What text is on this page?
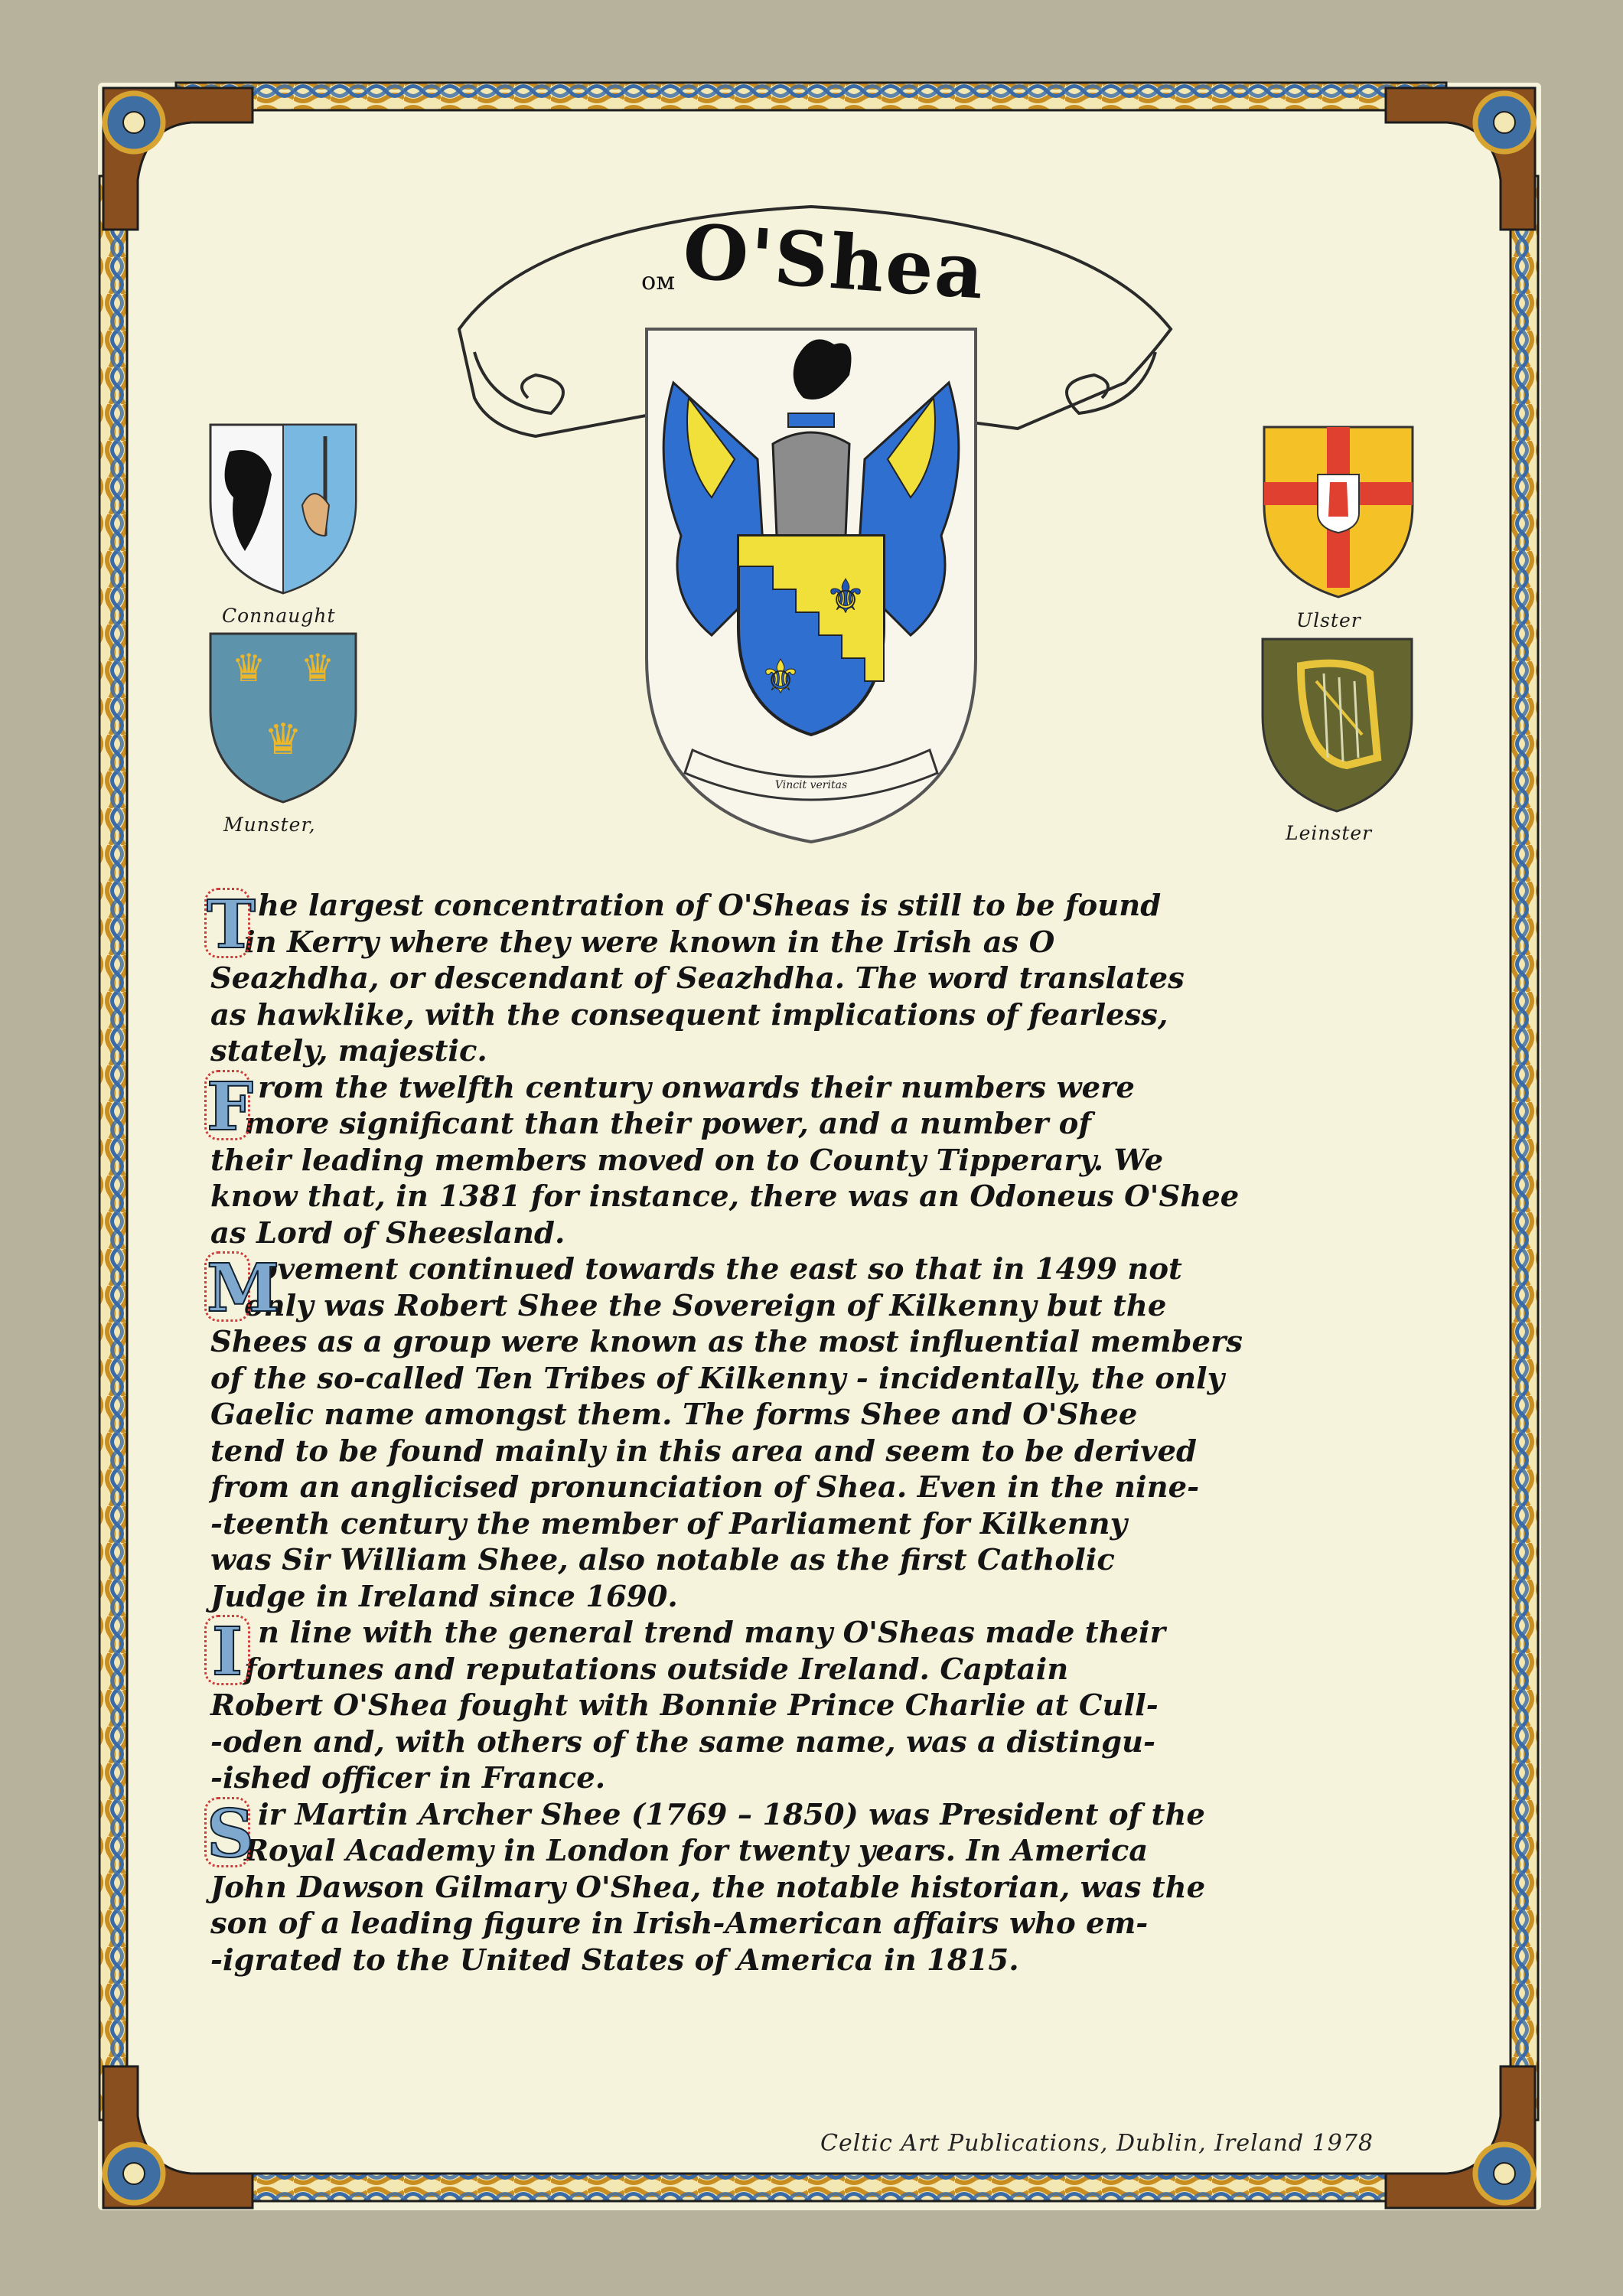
⚜
⚜
Vincit veritas
♛ ♛
♛
O'Shea
ᴏᴍ
Connaught
Munster,
Ulster
Leinster
T he largest concentration of O'Sheas is still to be found
in Kerry where they were known in the Irish as O
Seazhdha, or descendant of Seazhdha. The word translates
as hawklike, with the consequent implications of fearless,
stately, majestic.
F rom the twelfth century onwards their numbers were
more significant than their power, and a number of
their leading members moved on to County Tipperary. We
know that, in 1381 for instance, there was an Odoneus O'Shee
as Lord of Sheesland.
M
ovement continued towards the east so that in 1499 not
only was Robert Shee the Sovereign of Kilkenny but the
Shees as a group were known as the most influential members
of the so-called Ten Tribes of Kilkenny - incidentally, the only
Gaelic name amongst them. The forms Shee and O'Shee
tend to be found mainly in this area and seem to be derived
from an anglicised pronunciation of Shea. Even in the nine-
-teenth century the member of Parliament for Kilkenny
was Sir William Shee, also notable as the first Catholic
Judge in Ireland since 1690.
I n line with the general trend many O'Sheas made their
fortunes and reputations outside Ireland. Captain
Robert O'Shea fought with Bonnie Prince Charlie at Cull-
-oden and, with others of the same name, was a distingu-
-ished officer in France.
S ir Martin Archer Shee (1769 – 1850) was President of the
Royal Academy in London for twenty years. In America
John Dawson Gilmary O'Shea, the notable historian, was the
son of a leading figure in Irish-American affairs who em-
-igrated to the United States of America in 1815.
Celtic Art Publications, Dublin, Ireland 1978
